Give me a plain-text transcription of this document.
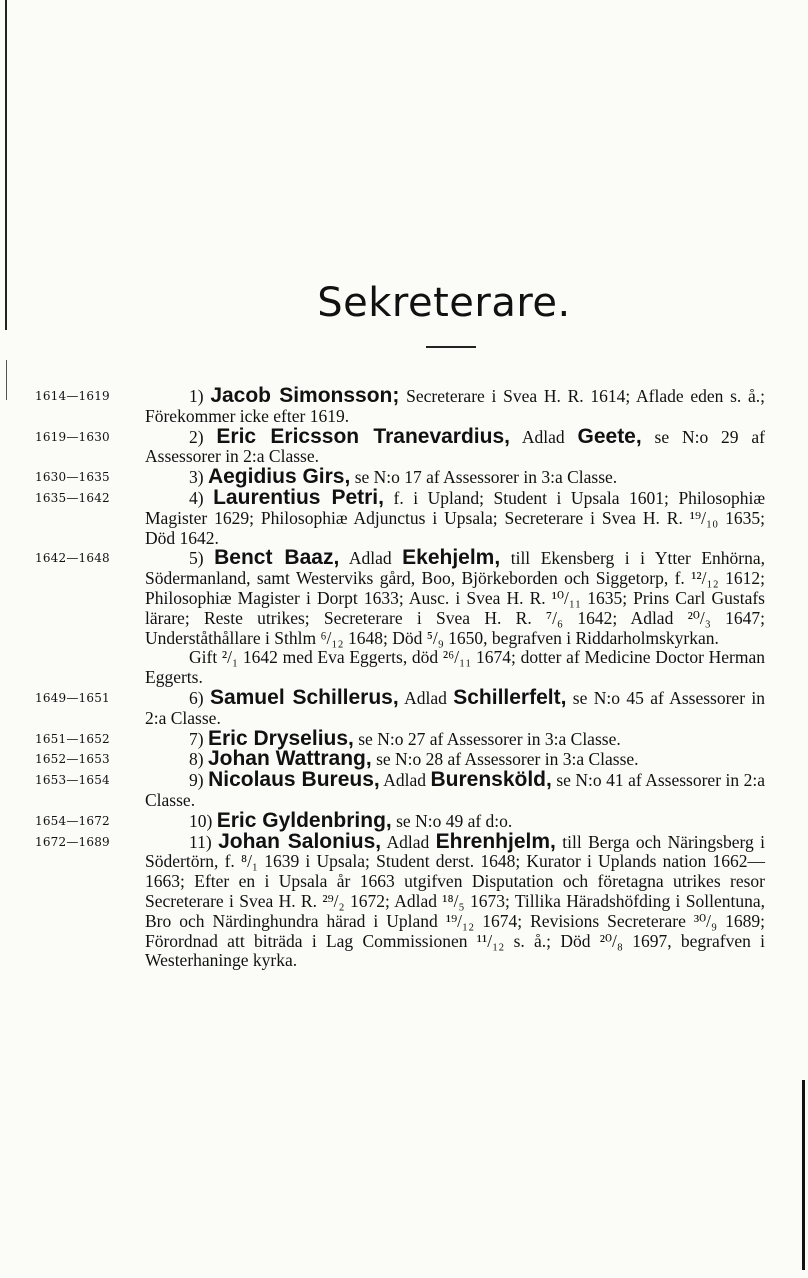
Sekreterare.
1614—1619	1) Jacob Simonsson; Secreterare i Svea H. R. 1614; Aflade eden s. å.; Förekommer icke efter 1619.
1619—1630	2) Eric Ericsson Tranevardius, Adlad Geete, se N:o 29 af Assessorer in 2:a Classe.
1630—1635	3) Aegidius Girs, se N:o 17 af Assessorer in 3:a Classe.
1635—1642	4) Laurentius Petri, f. i Upland; Student i Upsala 1601; Philosophiæ Magister 1629; Philosophiæ Adjunctus i Upsala; Secreterare i Svea H. R. ¹⁹/₁₀ 1635; Död 1642.
1642—1648	5) Benct Baaz, Adlad Ekehjelm, till Ekensberg i i Ytter Enhörna, Södermanland, samt Westerviks gård, Boo, Björkeborden och Siggetorp, f. ¹²/₁₂ 1612; Philosophiæ Magister i Dorpt 1633; Ausc. i Svea H. R. ¹⁰/₁₁ 1635; Prins Carl Gustafs lärare; Reste utrikes; Secreterare i Svea H. R. ⁷/₆ 1642; Adlad ²⁰/₃ 1647; Underståthållare i Sthlm ⁶/₁₂ 1648; Död ⁵/₉ 1650, begrafven i Riddarholmskyrkan.
Gift ²/₁ 1642 med Eva Eggerts, död ²⁶/₁₁ 1674; dotter af Medicine Doctor Herman Eggerts.
1649—1651	6) Samuel Schillerus, Adlad Schillerfelt, se N:o 45 af Assessorer in 2:a Classe.
1651—1652	7) Eric Dryselius, se N:o 27 af Assessorer in 3:a Classe.
1652—1653	8) Johan Wattrang, se N:o 28 af Assessorer in 3:a Classe.
1653—1654	9) Nicolaus Bureus, Adlad Burensköld, se N:o 41 af Assessorer in 2:a Classe.
1654—1672	10) Eric Gyldenbring, se N:o 49 af d:o.
1672—1689	11) Johan Salonius, Adlad Ehrenhjelm, till Berga och Näringsberg i Södertörn, f. ⁸/₁ 1639 i Upsala; Student derst. 1648; Kurator i Uplands nation 1662—1663; Efter en i Upsala år 1663 utgifven Disputation och företagna utrikes resor Secreterare i Svea H. R. ²⁹/₂ 1672; Adlad ¹⁸/₅ 1673; Tillika Häradshöfding i Sollentuna, Bro och Närdinghundra härad i Upland ¹⁹/₁₂ 1674; Revisions Secreterare ³⁰/₉ 1689; Förordnad att biträda i Lag Commissionen ¹¹/₁₂ s. å.; Död ²⁰/₈ 1697, begrafven i Westerhaninge kyrka.
